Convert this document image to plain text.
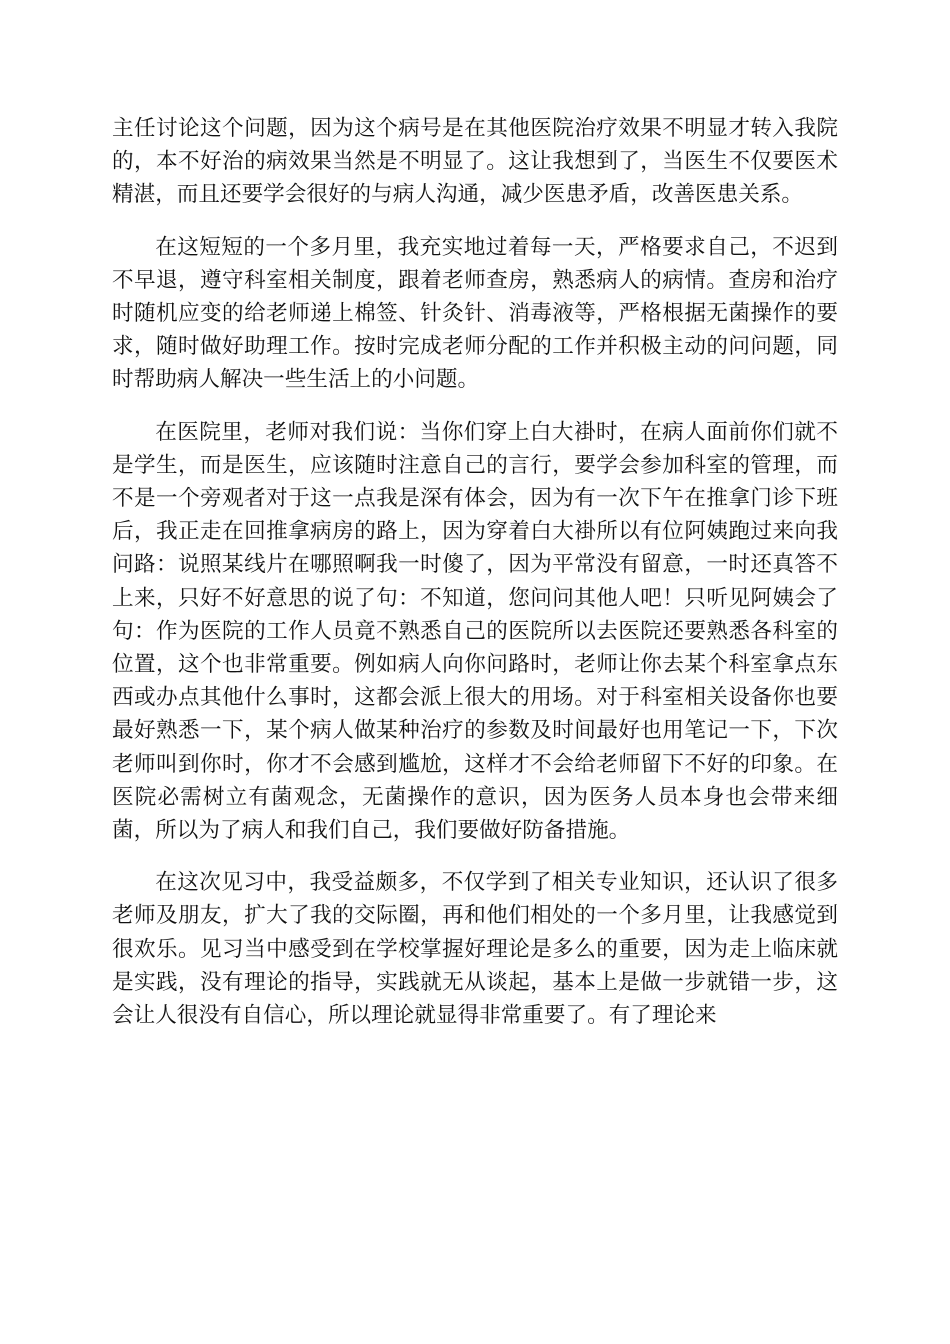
主任讨论这个问题，因为这个病号是在其他医院治疗效果不明显才转入我院的，本不好治的病效果当然是不明显了。这让我想到了，当医生不仅要医术精湛，而且还要学会很好的与病人沟通，减少医患矛盾，改善医患关系。

在这短短的一个多月里，我充实地过着每一天，严格要求自己，不迟到不早退，遵守科室相关制度，跟着老师查房，熟悉病人的病情。查房和治疗时随机应变的给老师递上棉签、针灸针、消毒液等，严格根据无菌操作的要求，随时做好助理工作。按时完成老师分配的工作并积极主动的问问题，同时帮助病人解决一些生活上的小问题。

在医院里，老师对我们说：当你们穿上白大褂时，在病人面前你们就不是学生，而是医生，应该随时注意自己的言行，要学会参加科室的管理，而不是一个旁观者对于这一点我是深有体会，因为有一次下午在推拿门诊下班后，我正走在回推拿病房的路上，因为穿着白大褂所以有位阿姨跑过来向我问路：说照某线片在哪照啊我一时傻了，因为平常没有留意，一时还真答不上来，只好不好意思的说了句：不知道，您问问其他人吧！只听见阿姨会了句：作为医院的工作人员竟不熟悉自己的医院所以去医院还要熟悉各科室的位置，这个也非常重要。例如病人向你问路时，老师让你去某个科室拿点东西或办点其他什么事时，这都会派上很大的用场。对于科室相关设备你也要最好熟悉一下，某个病人做某种治疗的参数及时间最好也用笔记一下，下次老师叫到你时，你才不会感到尴尬，这样才不会给老师留下不好的印象。在医院必需树立有菌观念，无菌操作的意识，因为医务人员本身也会带来细菌，所以为了病人和我们自己，我们要做好防备措施。

在这次见习中，我受益颇多，不仅学到了相关专业知识，还认识了很多老师及朋友，扩大了我的交际圈，再和他们相处的一个多月里，让我感觉到很欢乐。见习当中感受到在学校掌握好理论是多么的重要，因为走上临床就是实践，没有理论的指导，实践就无从谈起，基本上是做一步就错一步，这会让人很没有自信心，所以理论就显得非常重要了。有了理论来
